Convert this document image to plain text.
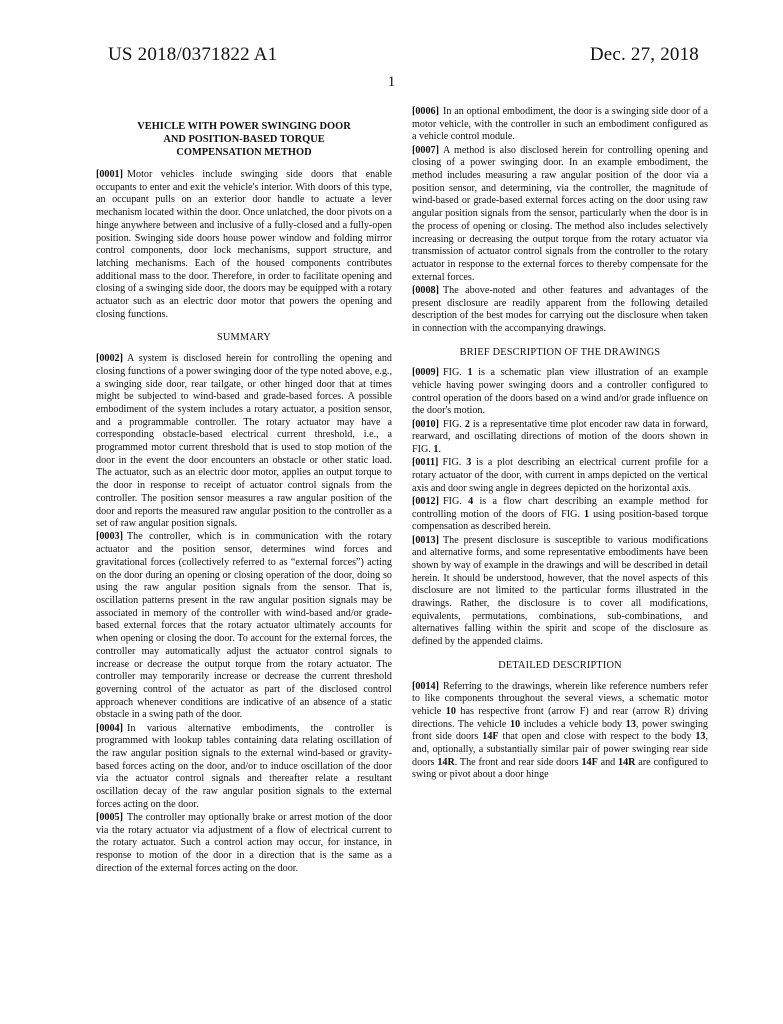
US 2018/0371822 A1	Dec. 27, 2018
1
VEHICLE WITH POWER SWINGING DOOR
AND POSITION-BASED TORQUE
COMPENSATION METHOD

[0001] Motor vehicles include swinging side doors that enable occupants to enter and exit the vehicle's interior. With doors of this type, an occupant pulls on an exterior door handle to actuate a lever mechanism located within the door. Once unlatched, the door pivots on a hinge anywhere between and inclusive of a fully-closed and a fully-open position. Swinging side doors house power window and folding mirror control components, door lock mechanisms, support structure, and latching mechanisms. Each of the housed components contributes additional mass to the door. Therefore, in order to facilitate opening and closing of a swinging side door, the doors may be equipped with a rotary actuator such as an electric door motor that powers the opening and closing functions.

SUMMARY

[0002] A system is disclosed herein for controlling the opening and closing functions of a power swinging door of the type noted above, e.g., a swinging side door, rear tailgate, or other hinged door that at times might be subjected to wind-based and grade-based forces. A possible embodiment of the system includes a rotary actuator, a position sensor, and a programmable controller. The rotary actuator may have a corresponding obstacle-based electrical current threshold, i.e., a programmed motor current threshold that is used to stop motion of the door in the event the door encounters an obstacle or other static load. The actuator, such as an electric door motor, applies an output torque to the door in response to receipt of actuator control signals from the controller. The position sensor measures a raw angular position of the door and reports the measured raw angular position to the controller as a set of raw angular position signals.

[0003] The controller, which is in communication with the rotary actuator and the position sensor, determines wind forces and gravitational forces (collectively referred to as “external forces”) acting on the door during an opening or closing operation of the door, doing so using the raw angular position signals from the sensor. That is, oscillation patterns present in the raw angular position signals may be associated in memory of the controller with wind-based and/or grade-based external forces that the rotary actuator ultimately accounts for when opening or closing the door. To account for the external forces, the controller may automatically adjust the actuator control signals to increase or decrease the output torque from the rotary actuator. The controller may temporarily increase or decrease the current threshold governing control of the actuator as part of the disclosed control approach whenever conditions are indicative of an absence of a static obstacle in a swing path of the door.

[0004] In various alternative embodiments, the controller is programmed with lookup tables containing data relating oscillation of the raw angular position signals to the external wind-based or gravity-based forces acting on the door, and/or to induce oscillation of the door via the actuator control signals and thereafter relate a resultant oscillation decay of the raw angular position signals to the external forces acting on the door.

[0005] The controller may optionally brake or arrest motion of the door via the rotary actuator via adjustment of a flow of electrical current to the rotary actuator. Such a control action may occur, for instance, in response to motion of the door in a direction that is the same as a direction of the external forces acting on the door.

[0006] In an optional embodiment, the door is a swinging side door of a motor vehicle, with the controller in such an embodiment configured as a vehicle control module.

[0007] A method is also disclosed herein for controlling opening and closing of a power swinging door. In an example embodiment, the method includes measuring a raw angular position of the door via a position sensor, and determining, via the controller, the magnitude of wind-based or grade-based external forces acting on the door using raw angular position signals from the sensor, particularly when the door is in the process of opening or closing. The method also includes selectively increasing or decreasing the output torque from the rotary actuator via transmission of actuator control signals from the controller to the rotary actuator in response to the external forces to thereby compensate for the external forces.

[0008] The above-noted and other features and advantages of the present disclosure are readily apparent from the following detailed description of the best modes for carrying out the disclosure when taken in connection with the accompanying drawings.

BRIEF DESCRIPTION OF THE DRAWINGS

[0009] FIG. 1 is a schematic plan view illustration of an example vehicle having power swinging doors and a controller configured to control operation of the doors based on a wind and/or grade influence on the door's motion.

[0010] FIG. 2 is a representative time plot encoder raw data in forward, rearward, and oscillating directions of motion of the doors shown in FIG. 1.

[0011] FIG. 3 is a plot describing an electrical current profile for a rotary actuator of the door, with current in amps depicted on the vertical axis and door swing angle in degrees depicted on the horizontal axis.

[0012] FIG. 4 is a flow chart describing an example method for controlling motion of the doors of FIG. 1 using position-based torque compensation as described herein.

[0013] The present disclosure is susceptible to various modifications and alternative forms, and some representative embodiments have been shown by way of example in the drawings and will be described in detail herein. It should be understood, however, that the novel aspects of this disclosure are not limited to the particular forms illustrated in the drawings. Rather, the disclosure is to cover all modifications, equivalents, permutations, combinations, sub-combinations, and alternatives falling within the spirit and scope of the disclosure as defined by the appended claims.

DETAILED DESCRIPTION

[0014] Referring to the drawings, wherein like reference numbers refer to like components throughout the several views, a schematic motor vehicle 10 has respective front (arrow F) and rear (arrow R) driving directions. The vehicle 10 includes a vehicle body 13, power swinging front side doors 14F that open and close with respect to the body 13, and, optionally, a substantially similar pair of power swinging rear side doors 14R. The front and rear side doors 14F and 14R are configured to swing or pivot about a door hinge
